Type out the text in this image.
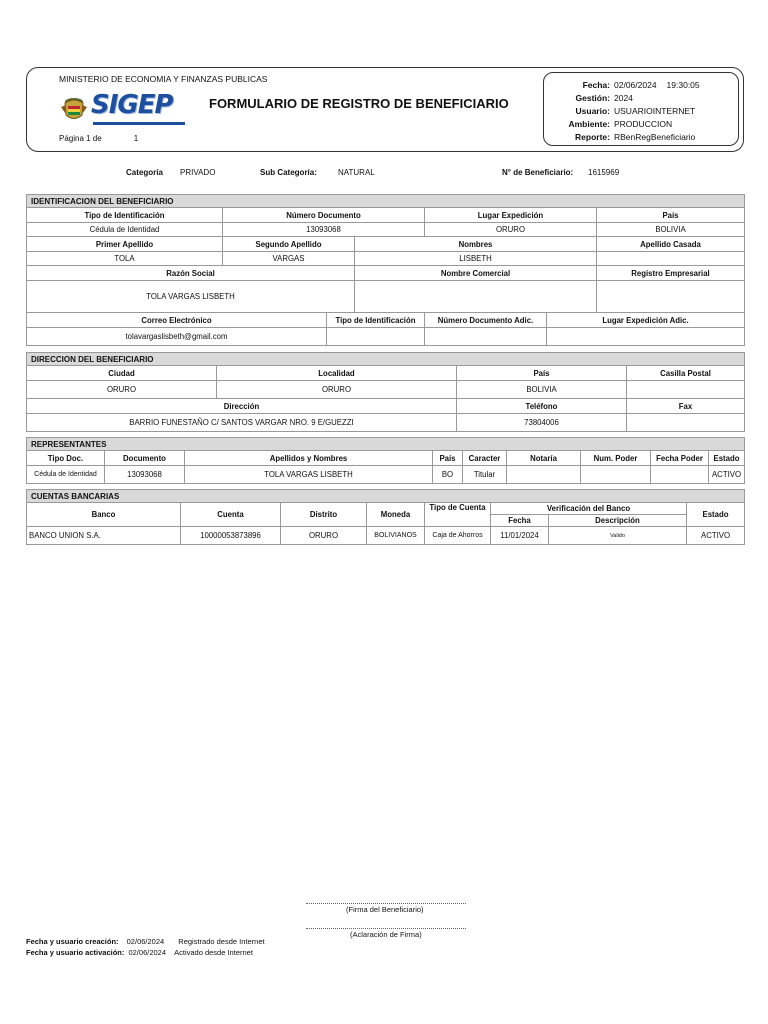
MINISTERIO DE ECONOMIA Y FINANZAS PUBLICAS
SIGEP	FORMULARIO DE REGISTRO DE BENEFICIARIO
Página 1 de	1
Fecha: 02/06/2024 19:30:05
Gestión: 2024
Usuario: USUARIOINTERNET
Ambiente: PRODUCCION
Reporte: RBenRegBeneficiario
Categoría PRIVADO	Sub Categoría:	NATURAL	N° de Beneficiario: 1615969
IDENTIFICACION DEL BENEFICIARIO						
Tipo de Identificación	Número Documento			Lugar Expedición		País
Cédula de Identidad	13093068			ORURO		BOLIVIA
Primer Apellido	Segundo Apellido		Nombres			Apellido Casada
TOLA	VARGAS		LISBETH			
Razón Social			Nombre Comercial			Registro Empresarial
TOLA VARGAS LISBETH						
Correo Electrónico		Tipo de Identificación		Número Documento Adic.	Lugar Expedición Adic.	
tolavargaslisbeth@gmail.com						
DIRECCION DEL BENEFICIARIO			
Ciudad	Localidad	País	Casilla Postal
ORURO	ORURO	BOLIVIA	
Dirección		Teléfono	Fax
BARRIO FUNESTAÑO C/ SANTOS VARGAR NRO. 9 E/GUEZZI		73804006	
REPRESENTANTES								
Tipo Doc.	Documento	Apellidos y Nombres	País	Caracter	Notaría	Num. Poder	Fecha Poder	Estado
Cédula de Identidad	13093068	TOLA VARGAS LISBETH	BO	Titular				ACTIVO
CUENTAS BANCARIAS							
Banco	Cuenta	Distrito	Moneda	Tipo de Cuenta	Verificación del Banco		Estado
					Fecha	Descripción	
BANCO UNION S.A.	10000053873896	ORURO	BOLIVIANOS	Caja de Ahorros	11/01/2024	Valido	ACTIVO
(Firma del Beneficiario)
(Aclaración de Firma)
Fecha y usuario creación: 02/06/2024 Registrado desde Internet
Fecha y usuario activación: 02/06/2024 Activado desde Internet
